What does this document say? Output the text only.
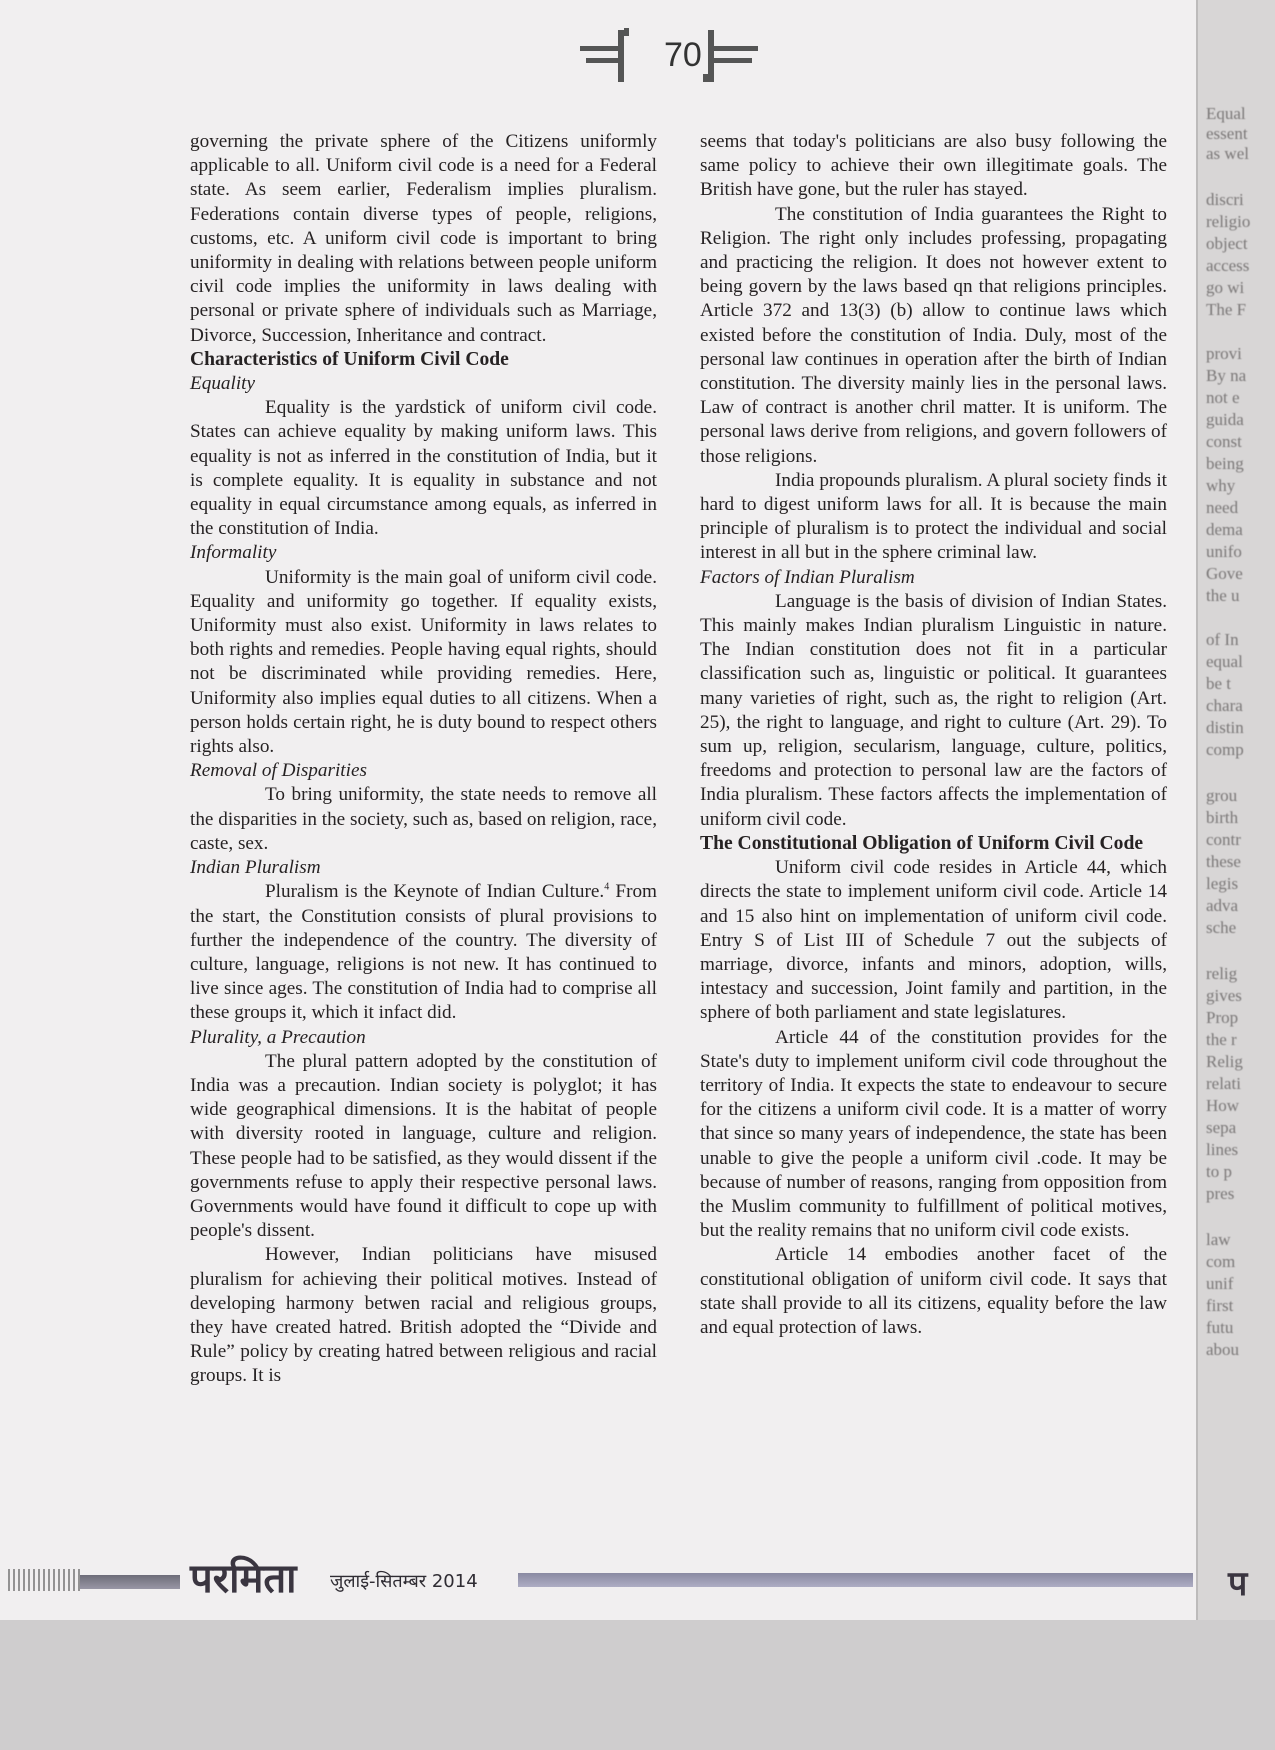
Equal
essent
as wel
discri
religio
object
access
go wi
The F
provi
By na
not e
guida
const
being
why
need
dema
unifo
Gove
the u
of In
equal
be t
chara
distin
comp
grou
birth
contr
these
legis
adva
sche
relig
gives
Prop
the r
Relig
relati
How
sepa
lines
to p
pres
law
com
unif
first
futu
abou
70

governing the private sphere of the Citizens uniformly applicable to all. Uniform civil code is a need for a Federal state. As seem earlier, Federalism implies pluralism. Federations contain diverse types of people, religions, customs, etc. A uniform civil code is important to bring uniformity in dealing with relations between people uniform civil code implies the uniformity in laws dealing with personal or private sphere of individuals such as Marriage, Divorce, Succession, Inheritance and contract.

Characteristics of Uniform Civil Code
Equality

Equality is the yardstick of uniform civil code. States can achieve equality by making uniform laws. This equality is not as inferred in the constitution of India, but it is complete equality. It is equality in substance and not equality in equal circumstance among equals, as inferred in the constitution of India.

Informality

Uniformity is the main goal of uniform civil code. Equality and uniformity go together. If equality exists, Uniformity must also exist. Uniformity in laws relates to both rights and remedies. People having equal rights, should not be discriminated while providing remedies. Here, Uniformity also implies equal duties to all citizens. When a person holds certain right, he is duty bound to respect others rights also.

Removal of Disparities

To bring uniformity, the state needs to remove all the disparities in the society, such as, based on religion, race, caste, sex.

Indian Pluralism

Pluralism is the Keynote of Indian Culture.$^4$ From the start, the Constitution consists of plural provisions to further the independence of the country. The diversity of culture, language, religions is not new. It has continued to live since ages. The constitution of India had to comprise all these groups it, which it infact did.

Plurality, a Precaution

The plural pattern adopted by the constitution of India was a precaution. Indian society is polyglot; it has wide geographical dimensions. It is the habitat of people with diversity rooted in language, culture and religion. These people had to be satisfied, as they would dissent if the governments refuse to apply their respective personal laws. Governments would have found it difficult to cope up with people's dissent.

However, Indian politicians have misused pluralism for achieving their political motives. Instead of developing harmony betwen racial and religious groups, they have created hatred. British adopted the “Divide and Rule” policy by creating hatred between religious and racial groups. It is

seems that today's politicians are also busy following the same policy to achieve their own illegitimate goals. The British have gone, but the ruler has stayed.

The constitution of India guarantees the Right to Religion. The right only includes professing, propagating and practicing the religion. It does not however extent to being govern by the laws based qn that religions principles. Article 372 and 13(3) (b) allow to continue laws which existed before the constitution of India. Duly, most of the personal law continues in operation after the birth of Indian constitution. The diversity mainly lies in the personal laws. Law of contract is another chril matter. It is uniform. The personal laws derive from religions, and govern followers of those religions.

India propounds pluralism. A plural society finds it hard to digest uniform laws for all. It is because the main principle of pluralism is to protect the individual and social interest in all but in the sphere criminal law.

Factors of Indian Pluralism

Language is the basis of division of Indian States. This mainly makes Indian pluralism Linguistic in nature. The Indian constitution does not fit in a particular classification such as, linguistic or political. It guarantees many varieties of right, such as, the right to religion (Art. 25), the right to language, and right to culture (Art. 29). To sum up, religion, secularism, language, culture, politics, freedoms and protection to personal law are the factors of India pluralism. These factors affects the implementation of uniform civil code.

The Constitutional Obligation of Uniform Civil Code

Uniform civil code resides in Article 44, which directs the state to implement uniform civil code. Article 14 and 15 also hint on implementation of uniform civil code. Entry S of List III of Schedule 7 out the subjects of marriage, divorce, infants and minors, adoption, wills, intestacy and succession, Joint family and partition, in the sphere of both parliament and state legislatures.

Article 44 of the constitution provides for the State's duty to implement uniform civil code throughout the territory of India. It expects the state to endeavour to secure for the citizens a uniform civil code. It is a matter of worry that since so many years of independence, the state has been unable to give the people a uniform civil .code. It may be because of number of reasons, ranging from opposition from the Muslim community to fulfillment of political motives, but the reality remains that no uniform civil code exists.

Article 14 embodies another facet of the constitutional obligation of uniform civil code. It says that state shall provide to all its citizens, equality before the law and equal protection of laws.

परमिता जुलाई-सितम्बर 2014	प
